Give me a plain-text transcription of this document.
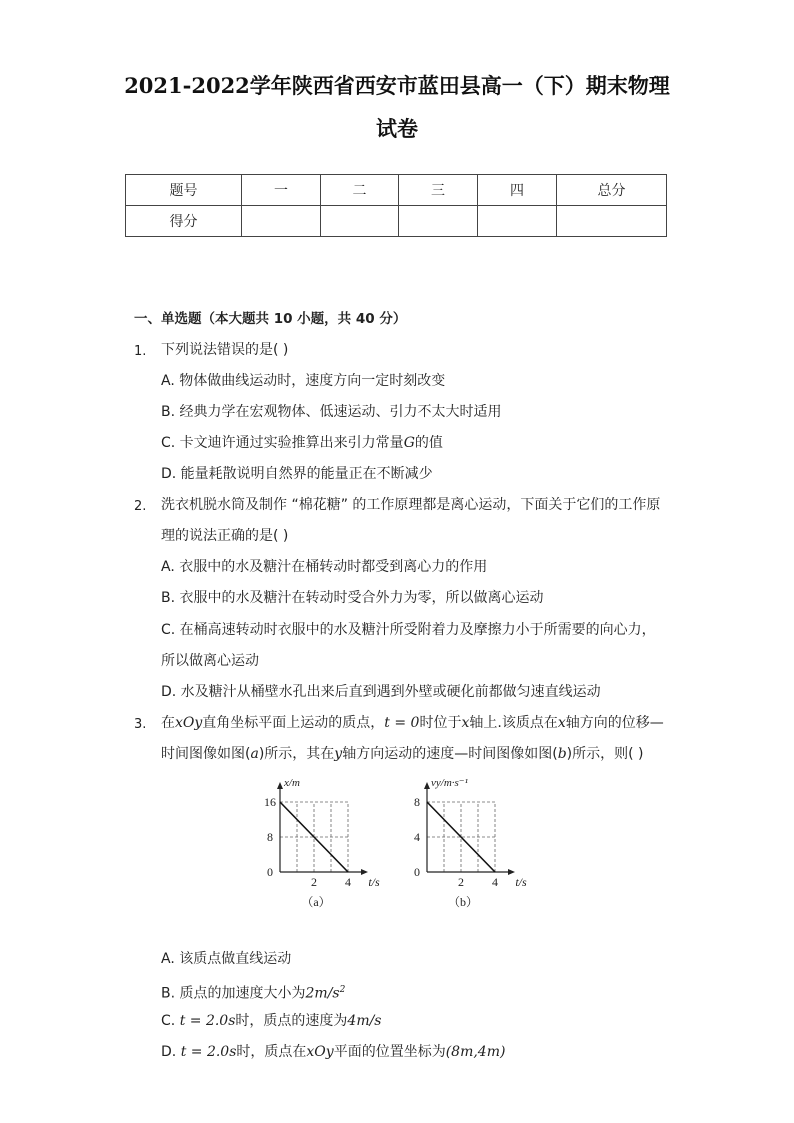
2021-2022学年陕西省西安市蓝田县高一（下）期末物理
试卷
题号	一	二	三	四	总分
得分					
一、单选题（本大题共 10 小题，共 40 分）
1. 下列说法错误的是( )
A. 物体做曲线运动时，速度方向一定时刻改变
B. 经典力学在宏观物体、低速运动、引力不太大时适用
C. 卡文迪许通过实验推算出来引力常量G的值
D. 能量耗散说明自然界的能量正在不断减少
2. 洗衣机脱水筒及制作 “棉花糖” 的工作原理都是离心运动，下面关于它们的工作原
理的说法正确的是( )
A. 衣服中的水及糖汁在桶转动时都受到离心力的作用
B. 衣服中的水及糖汁在转动时受合外力为零，所以做离心运动
C. 在桶高速转动时衣服中的水及糖汁所受附着力及摩擦力小于所需要的向心力，
所以做离心运动
D. 水及糖汁从桶壁水孔出来后直到遇到外壁或硬化前都做匀速直线运动
3. 在xOy直角坐标平面上运动的质点，t = 0时位于x轴上.该质点在x轴方向的位移—
时间图像如图(a)所示，其在y轴方向运动的速度—时间图像如图(b)所示，则( )
0
8
16
2 4 t/s
x/m
（a）
0
4
8
2 4 t/s
vy/m·s⁻¹
（b）
A. 该质点做直线运动
B. 质点的加速度大小为$2m/s^2$
C. t = 2.0s时，质点的速度为4m/s
D. t = 2.0s时，质点在xOy平面的位置坐标为(8m,4m)
